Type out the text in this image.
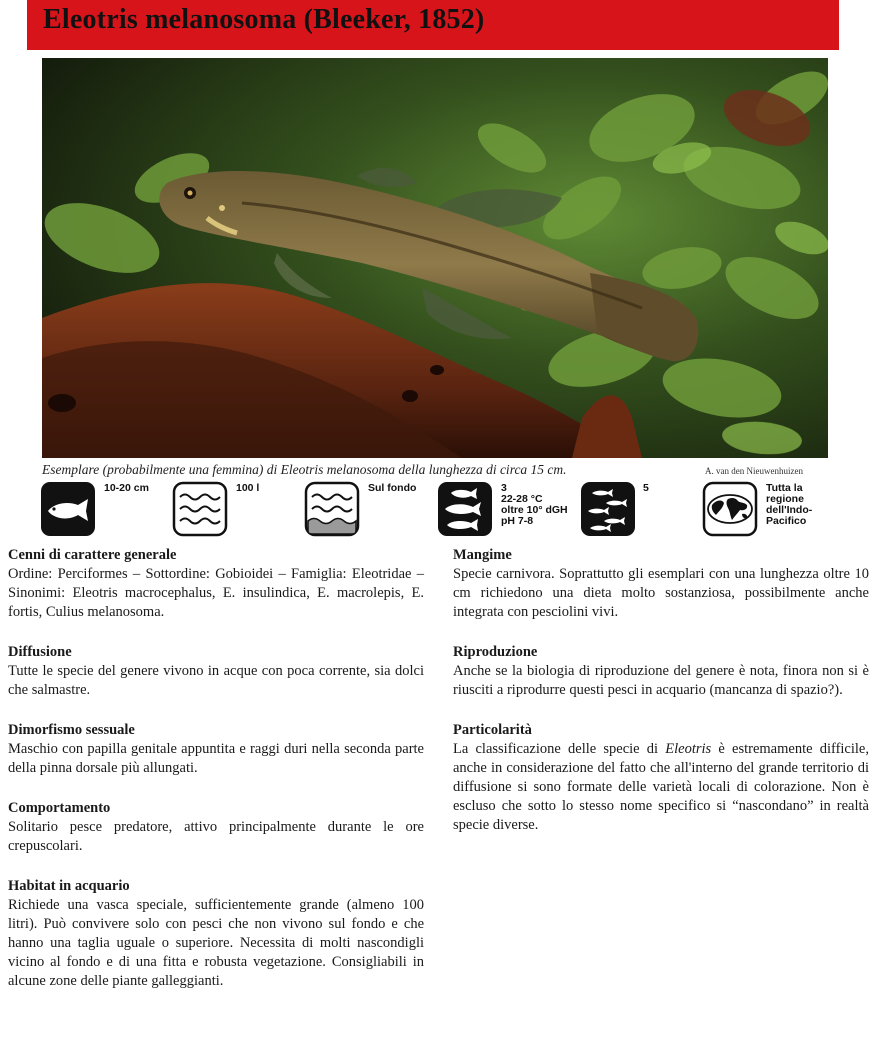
Eleotris melanosoma (Bleeker, 1852)
Esemplare (probabilmente una femmina) di Eleotris melanosoma della lunghezza di circa 15 cm.	A. van den Nieuwenhuizen
10-20 cm	100 l	Sul fondo	3
22-28 °C
oltre 10° dGH
pH 7-8
5	Tutta la
regione
dell'Indo-
Pacifico
Cenni di carattere generale

Ordine: Perciformes – Sottordine: Gobioidei – Famiglia: Eleotridae – Sinonimi: Eleotris macrocephalus, E. insulindica, E. macrolepis, E. fortis, Culius melanosoma.

Diffusione

Tutte le specie del genere vivono in acque con poca corrente, sia dolci che salmastre.

Dimorfismo sessuale

Maschio con papilla genitale appuntita e raggi duri nella seconda parte della pinna dorsale più allungati.

Comportamento

Solitario pesce predatore, attivo principalmente durante le ore crepuscolari.

Habitat in acquario

Richiede una vasca speciale, sufficientemente grande (almeno 100 litri). Può convivere solo con pesci che non vivono sul fondo e che hanno una taglia uguale o superiore. Necessita di molti nascondigli vicino al fondo e di una fitta e robusta vegetazione. Consigliabili in alcune zone delle piante galleggianti.

Mangime

Specie carnivora. Soprattutto gli esemplari con una lunghezza oltre 10 cm richiedono una dieta molto sostanziosa, possibilmente anche integrata con pesciolini vivi.

Riproduzione

Anche se la biologia di riproduzione del genere è nota, finora non si è riusciti a riprodurre questi pesci in acquario (mancanza di spazio?).

Particolarità

La classificazione delle specie di Eleotris è estremamente difficile, anche in considerazione del fatto che all'interno del grande territorio di diffusione si sono formate delle varietà locali di colorazione. Non è escluso che sotto lo stesso nome specifico si “nascondano” in realtà specie diverse.
